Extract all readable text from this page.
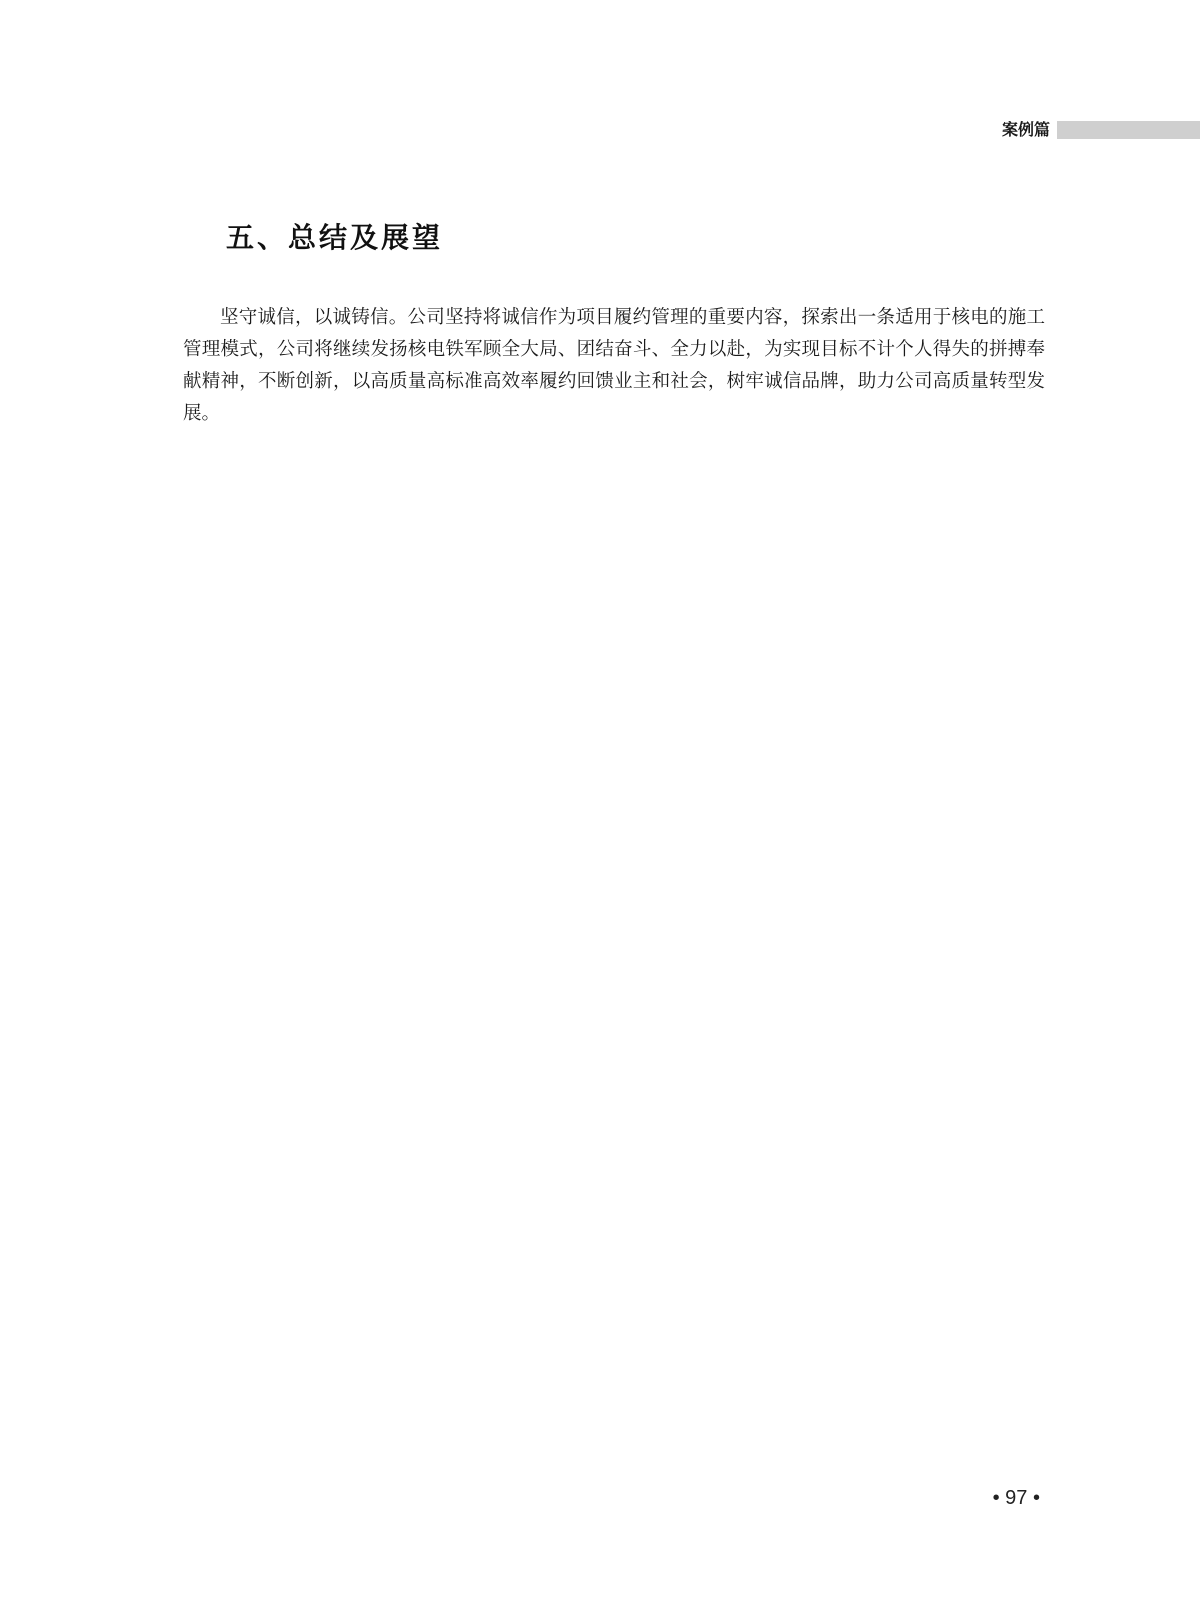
案例篇
五、总结及展望

坚守诚信，以诚铸信。公司坚持将诚信作为项目履约管理的重要内容，探索出一条适用于核电的施工管理模式，公司将继续发扬核电铁军顾全大局、团结奋斗、全力以赴，为实现目标不计个人得失的拼搏奉献精神，不断创新，以高质量高标准高效率履约回馈业主和社会，树牢诚信品牌，助力公司高质量转型发展。

• 97 •
